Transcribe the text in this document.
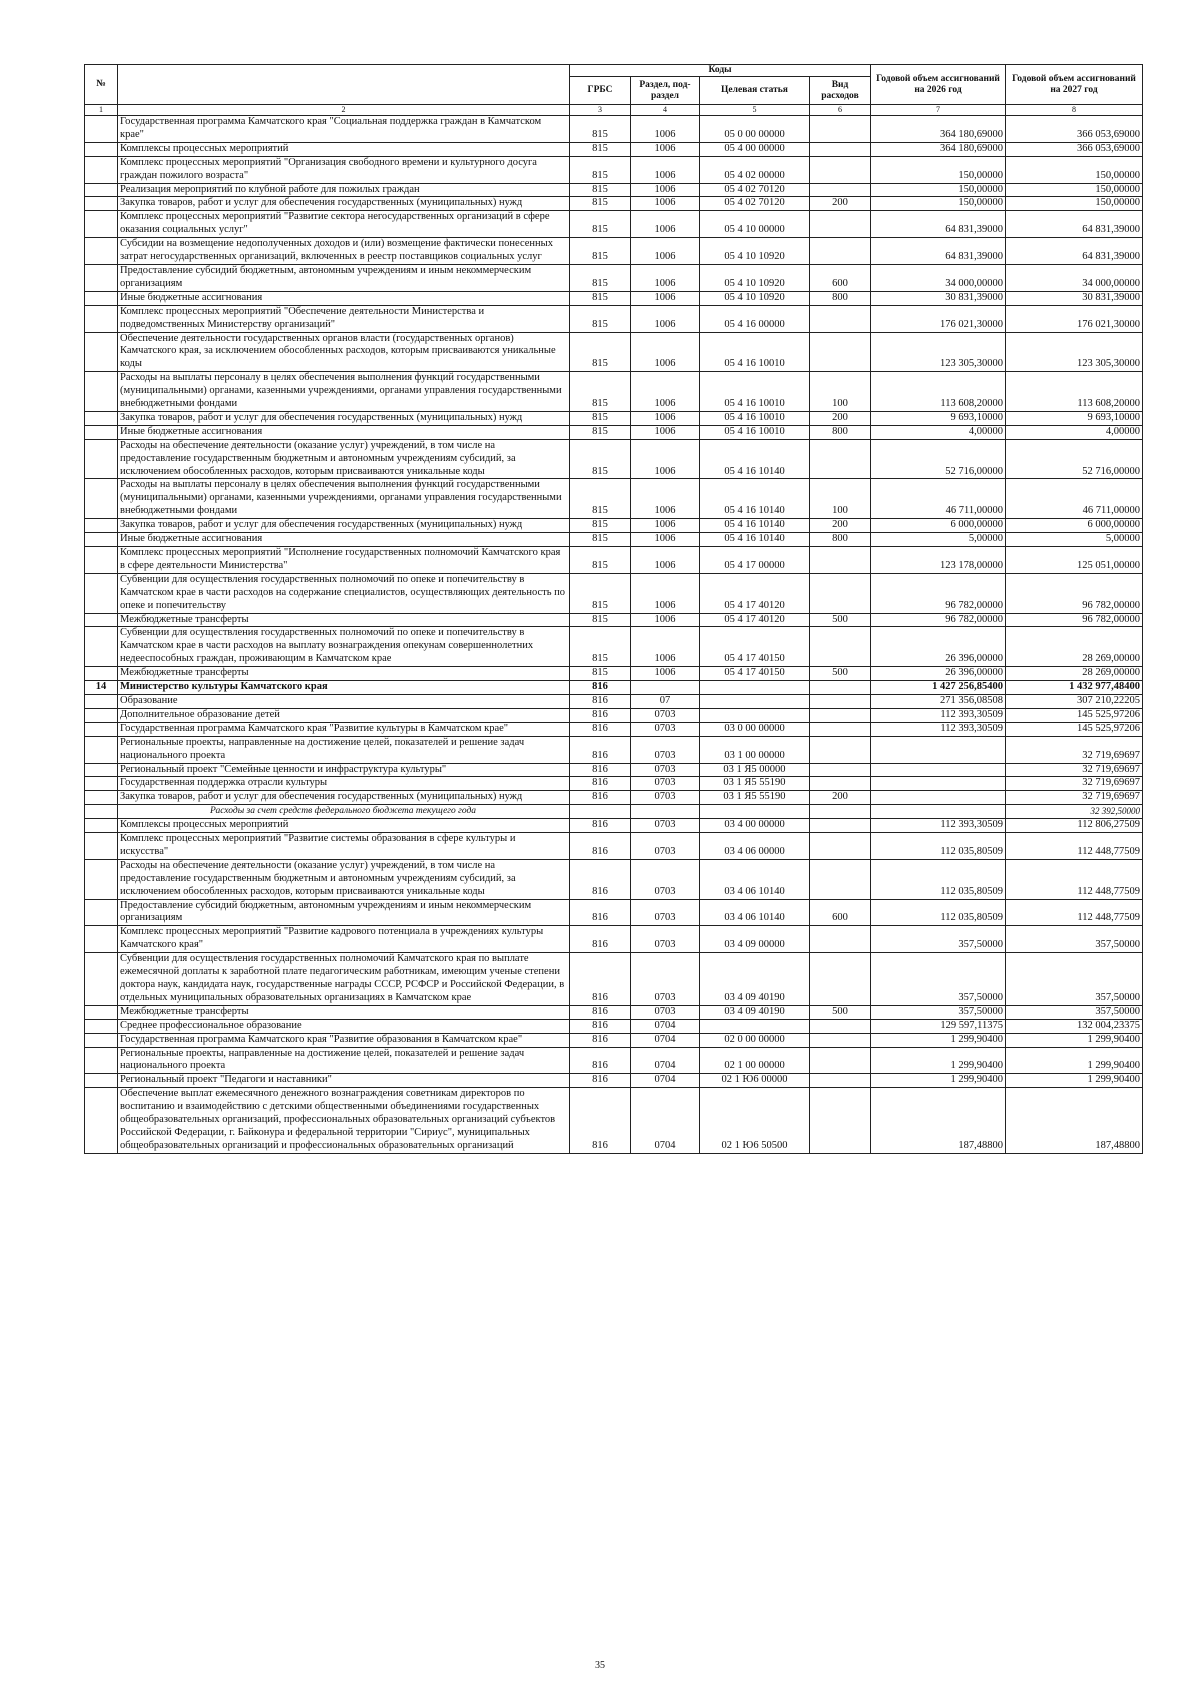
№		Коды				Годовой объем ассигнований на 2026 год	Годовой объем ассигнований на 2027 год
		ГРБС	Раздел, под-раздел	Целевая статья	Вид расходов		
1	2	3	4	5	6	7	8
	Государственная программа Камчатского края "Социальная поддержка граждан в Камчатском крае"	815	1006	05 0 00 00000		364 180,69000	366 053,69000
	Комплексы процессных мероприятий	815	1006	05 4 00 00000		364 180,69000	366 053,69000
	Комплекс процессных мероприятий "Организация свободного времени и культурного досуга граждан пожилого возраста"	815	1006	05 4 02 00000		150,00000	150,00000
	Реализация мероприятий по клубной работе для пожилых граждан	815	1006	05 4 02 70120		150,00000	150,00000
	Закупка товаров, работ и услуг для обеспечения государственных (муниципальных) нужд	815	1006	05 4 02 70120	200	150,00000	150,00000
	Комплекс процессных мероприятий "Развитие сектора негосударственных организаций в сфере оказания социальных услуг"	815	1006	05 4 10 00000		64 831,39000	64 831,39000
	Субсидии на возмещение недополученных доходов и (или) возмещение фактически понесенных затрат негосударственных организаций, включенных в реестр поставщиков социальных услуг	815	1006	05 4 10 10920		64 831,39000	64 831,39000
	Предоставление субсидий бюджетным, автономным учреждениям и иным некоммерческим организациям	815	1006	05 4 10 10920	600	34 000,00000	34 000,00000
	Иные бюджетные ассигнования	815	1006	05 4 10 10920	800	30 831,39000	30 831,39000
	Комплекс процессных мероприятий "Обеспечение деятельности Министерства и подведомственных Министерству организаций"	815	1006	05 4 16 00000		176 021,30000	176 021,30000
	Обеспечение деятельности государственных органов власти (государственных органов) Камчатского края, за исключением обособленных расходов, которым присваиваются уникальные коды	815	1006	05 4 16 10010		123 305,30000	123 305,30000
	Расходы на выплаты персоналу в целях обеспечения выполнения функций государственными (муниципальными) органами, казенными учреждениями, органами управления государственными внебюджетными фондами	815	1006	05 4 16 10010	100	113 608,20000	113 608,20000
	Закупка товаров, работ и услуг для обеспечения государственных (муниципальных) нужд	815	1006	05 4 16 10010	200	9 693,10000	9 693,10000
	Иные бюджетные ассигнования	815	1006	05 4 16 10010	800	4,00000	4,00000
	Расходы на обеспечение деятельности (оказание услуг) учреждений, в том числе на предоставление государственным бюджетным и автономным учреждениям субсидий, за исключением обособленных расходов, которым присваиваются уникальные коды	815	1006	05 4 16 10140		52 716,00000	52 716,00000
	Расходы на выплаты персоналу в целях обеспечения выполнения функций государственными (муниципальными) органами, казенными учреждениями, органами управления государственными внебюджетными фондами	815	1006	05 4 16 10140	100	46 711,00000	46 711,00000
	Закупка товаров, работ и услуг для обеспечения государственных (муниципальных) нужд	815	1006	05 4 16 10140	200	6 000,00000	6 000,00000
	Иные бюджетные ассигнования	815	1006	05 4 16 10140	800	5,00000	5,00000
	Комплекс процессных мероприятий "Исполнение государственных полномочий Камчатского края в сфере деятельности Министерства"	815	1006	05 4 17 00000		123 178,00000	125 051,00000
	Субвенции для осуществления государственных полномочий по опеке и попечительству в Камчатском крае в части расходов на содержание специалистов, осуществляющих деятельность по опеке и попечительству	815	1006	05 4 17 40120		96 782,00000	96 782,00000
	Межбюджетные трансферты	815	1006	05 4 17 40120	500	96 782,00000	96 782,00000
	Субвенции для осуществления государственных полномочий по опеке и попечительству в Камчатском крае в части расходов на выплату вознаграждения опекунам совершеннолетних недееспособных граждан, проживающим в Камчатском крае	815	1006	05 4 17 40150		26 396,00000	28 269,00000
	Межбюджетные трансферты	815	1006	05 4 17 40150	500	26 396,00000	28 269,00000
14	Министерство культуры Камчатского края	816				1 427 256,85400	1 432 977,48400
	Образование	816	07			271 356,08508	307 210,22205
	Дополнительное образование детей	816	0703			112 393,30509	145 525,97206
	Государственная программа Камчатского края "Развитие культуры в Камчатском крае"	816	0703	03 0 00 00000		112 393,30509	145 525,97206
	Региональные проекты, направленные на достижение целей, показателей и решение задач национального проекта	816	0703	03 1 00 00000			32 719,69697
	Региональный проект "Семейные ценности и инфраструктура культуры"	816	0703	03 1 Я5 00000			32 719,69697
	Государственная поддержка отрасли культуры	816	0703	03 1 Я5 55190			32 719,69697
	Закупка товаров, работ и услуг для обеспечения государственных (муниципальных) нужд	816	0703	03 1 Я5 55190	200		32 719,69697
	Расходы за счет средств федерального бюджета текущего года						32 392,50000
	Комплексы процессных мероприятий	816	0703	03 4 00 00000		112 393,30509	112 806,27509
	Комплекс процессных мероприятий "Развитие системы образования в сфере культуры и искусства"	816	0703	03 4 06 00000		112 035,80509	112 448,77509
	Расходы на обеспечение деятельности (оказание услуг) учреждений, в том числе на предоставление государственным бюджетным и автономным учреждениям субсидий, за исключением обособленных расходов, которым присваиваются уникальные коды	816	0703	03 4 06 10140		112 035,80509	112 448,77509
	Предоставление субсидий бюджетным, автономным учреждениям и иным некоммерческим организациям	816	0703	03 4 06 10140	600	112 035,80509	112 448,77509
	Комплекс процессных мероприятий "Развитие кадрового потенциала в учреждениях культуры Камчатского края"	816	0703	03 4 09 00000		357,50000	357,50000
	Субвенции для осуществления государственных полномочий Камчатского края по выплате ежемесячной доплаты к заработной плате педагогическим работникам, имеющим ученые степени доктора наук, кандидата наук, государственные награды СССР, РСФСР и Российской Федерации, в отдельных муниципальных образовательных организациях в Камчатском крае	816	0703	03 4 09 40190		357,50000	357,50000
	Межбюджетные трансферты	816	0703	03 4 09 40190	500	357,50000	357,50000
	Среднее профессиональное образование	816	0704			129 597,11375	132 004,23375
	Государственная программа Камчатского края "Развитие образования в Камчатском крае"	816	0704	02 0 00 00000		1 299,90400	1 299,90400
	Региональные проекты, направленные на достижение целей, показателей и решение задач национального проекта	816	0704	02 1 00 00000		1 299,90400	1 299,90400
	Региональный проект "Педагоги и наставники"	816	0704	02 1 Ю6 00000		1 299,90400	1 299,90400
	Обеспечение выплат ежемесячного денежного вознаграждения советникам директоров по воспитанию и взаимодействию с детскими общественными объединениями государственных общеобразовательных организаций, профессиональных образовательных организаций субъектов Российской Федерации, г. Байконура и федеральной территории "Сириус", муниципальных общеобразовательных организаций и профессиональных образовательных организаций	816	0704	02 1 Ю6 50500		187,48800	187,48800
35
